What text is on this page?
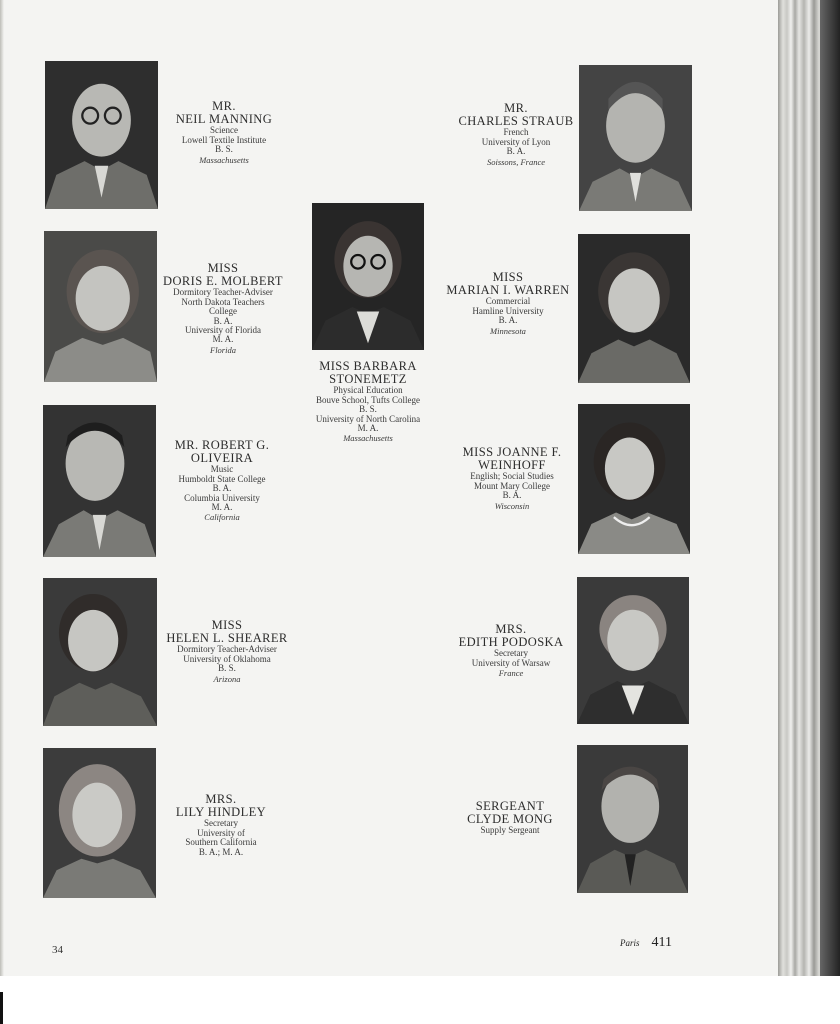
MR.
NEIL MANNING
Science
Lowell Textile Institute
B. S.
Massachusetts
MR.
CHARLES STRAUB
French
University of Lyon
B. A.
Soissons, France
MISS
DORIS E. MOLBERT
Dormitory Teacher-Adviser
North Dakota Teachers
College
B. A.
University of Florida
M. A.
Florida
MISS BARBARA
STONEMETZ
Physical Education
Bouve School, Tufts College
B. S.
University of North Carolina
M. A.
Massachusetts
MISS
MARIAN I. WARREN
Commercial
Hamline University
B. A.
Minnesota
MR. ROBERT G.
OLIVEIRA
Music
Humboldt State College
B. A.
Columbia University
M. A.
California
MISS JOANNE F.
WEINHOFF
English; Social Studies
Mount Mary College
B. A.
Wisconsin
MISS
HELEN L. SHEARER
Dormitory Teacher-Adviser
University of Oklahoma
B. S.
Arizona
MRS.
EDITH PODOSKA
Secretary
University of Warsaw
France
MRS.
LILY HINDLEY
Secretary
University of
Southern California
B. A.; M. A.
SERGEANT
CLYDE MONG
Supply Sergeant
34
Paris 411
